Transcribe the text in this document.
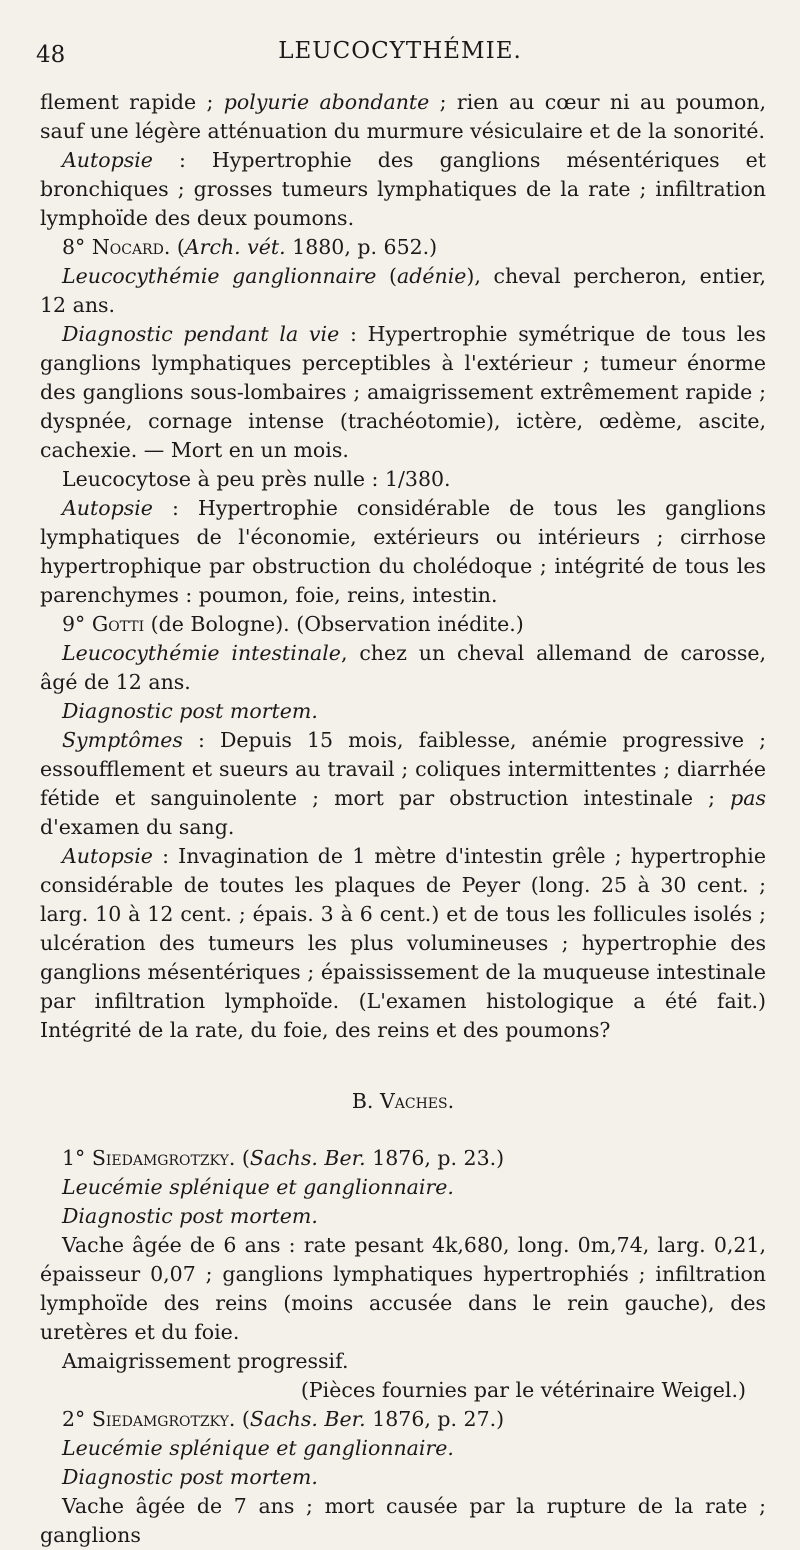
48	LEUCOCYTHÉMIE.

flement rapide ; polyurie abondante ; rien au cœur ni au poumon, sauf une légère atténuation du murmure vésiculaire et de la sonorité.

Autopsie : Hypertrophie des ganglions mésentériques et bronchiques ; grosses tumeurs lymphatiques de la rate ; infiltration lymphoïde des deux poumons.

8° Nocard. (Arch. vét. 1880, p. 652.)

Leucocythémie ganglionnaire (adénie), cheval percheron, entier, 12 ans.

Diagnostic pendant la vie : Hypertrophie symétrique de tous les ganglions lymphatiques perceptibles à l'extérieur ; tumeur énorme des ganglions sous-lombaires ; amaigrissement extrêmement rapide ; dyspnée, cornage intense (trachéotomie), ictère, œdème, ascite, cachexie. — Mort en un mois.

Leucocytose à peu près nulle : 1/380.

Autopsie : Hypertrophie considérable de tous les ganglions lymphatiques de l'économie, extérieurs ou intérieurs ; cirrhose hypertrophique par obstruction du cholédoque ; intégrité de tous les parenchymes : poumon, foie, reins, intestin.

9° Gotti (de Bologne). (Observation inédite.)

Leucocythémie intestinale, chez un cheval allemand de carosse, âgé de 12 ans.

Diagnostic post mortem.

Symptômes : Depuis 15 mois, faiblesse, anémie progressive ; essoufflement et sueurs au travail ; coliques intermittentes ; diarrhée fétide et sanguinolente ; mort par obstruction intestinale ; pas d'examen du sang.

Autopsie : Invagination de 1 mètre d'intestin grêle ; hypertrophie considérable de toutes les plaques de Peyer (long. 25 à 30 cent. ; larg. 10 à 12 cent. ; épais. 3 à 6 cent.) et de tous les follicules isolés ; ulcération des tumeurs les plus volumineuses ; hypertrophie des ganglions mésentériques ; épaississement de la muqueuse intestinale par infiltration lymphoïde. (L'examen histologique a été fait.) Intégrité de la rate, du foie, des reins et des poumons?

B. Vaches.

1° Siedamgrotzky. (Sachs. Ber. 1876, p. 23.)

Leucémie splénique et ganglionnaire.

Diagnostic post mortem.

Vache âgée de 6 ans : rate pesant 4k,680, long. 0m,74, larg. 0,21, épaisseur 0,07 ; ganglions lymphatiques hypertrophiés ; infiltration lymphoïde des reins (moins accusée dans le rein gauche), des uretères et du foie.

Amaigrissement progressif.

(Pièces fournies par le vétérinaire Weigel.)

2° Siedamgrotzky. (Sachs. Ber. 1876, p. 27.)

Leucémie splénique et ganglionnaire.

Diagnostic post mortem.

Vache âgée de 7 ans ; mort causée par la rupture de la rate ; ganglions
